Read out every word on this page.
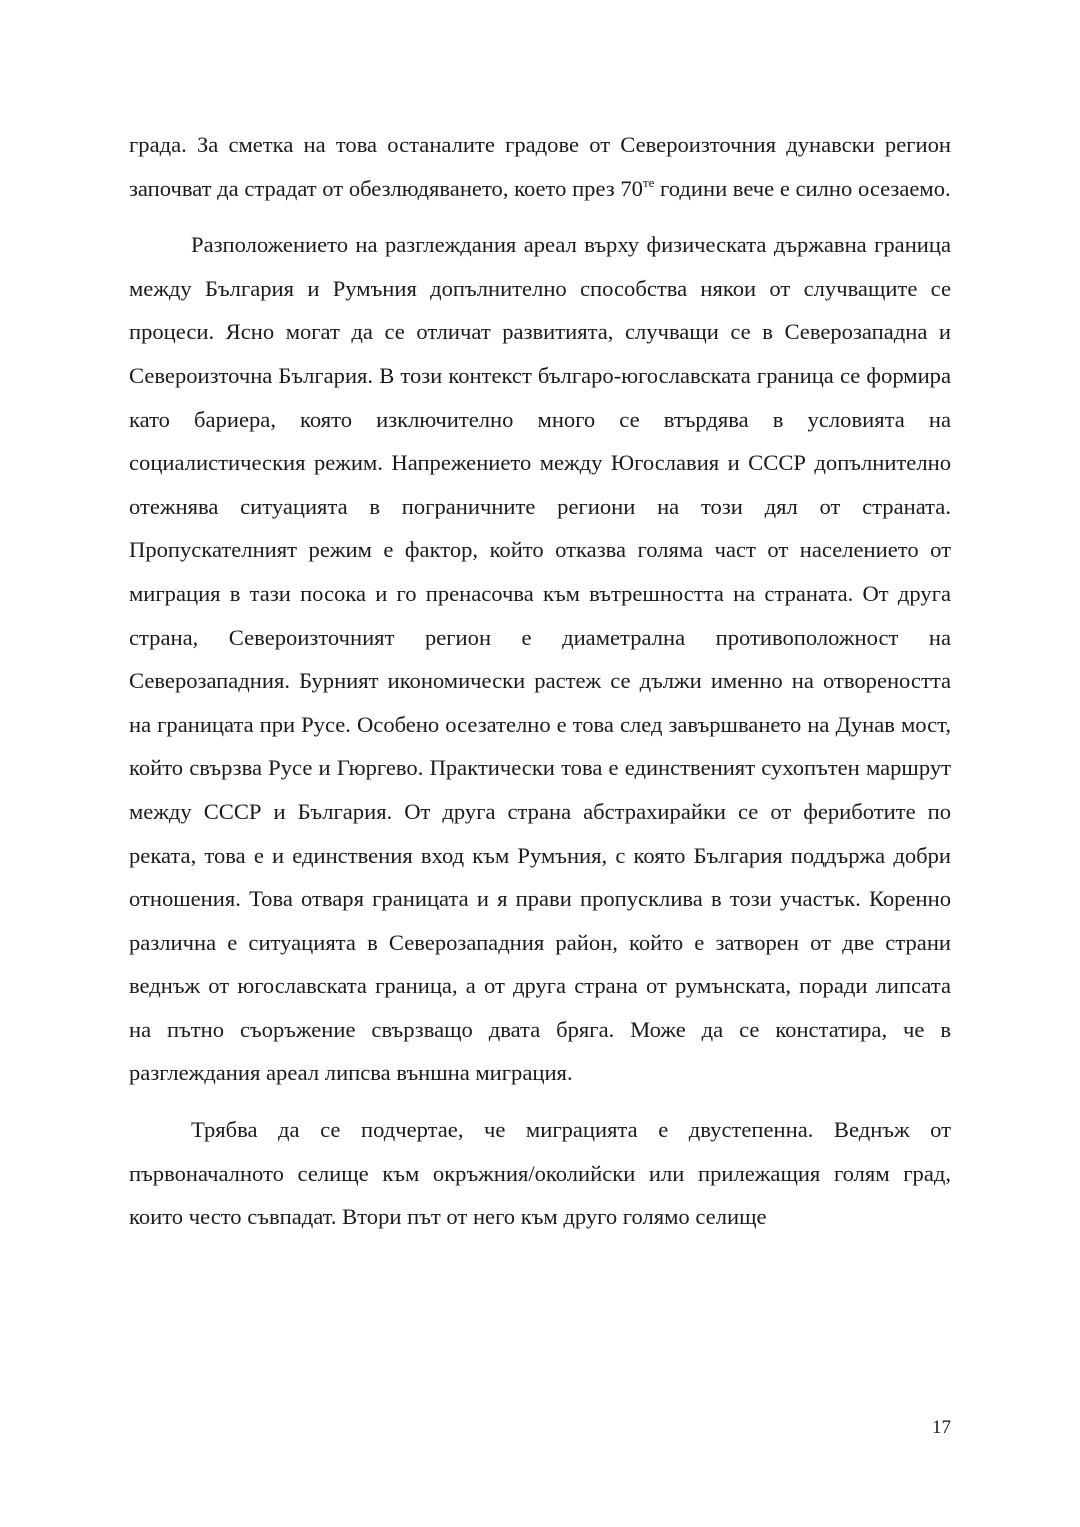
града. За сметка на това останалите градове от Североизточния дунавски регион започват да страдат от обезлюдяването, което през $70^{те}$ години вече е силно осезаемо.

Разположението на разглеждания ареал върху физическата държавна граница между България и Румъния допълнително способства някои от случващите се процеси. Ясно могат да се отличат развитията, случващи се в Северозападна и Североизточна България. В този контекст българо-югославската граница се формира като бариера, която изключително много се втърдява в условията на социалистическия режим. Напрежението между Югославия и СССР допълнително отежнява ситуацията в пограничните региони на този дял от страната. Пропускателният режим е фактор, който отказва голяма част от населението от миграция в тази посока и го пренасочва към вътрешността на страната. От друга страна, Североизточният регион е диаметрална противоположност на Северозападния. Бурният икономически растеж се дължи именно на отвореността на границата при Русе. Особено осезателно е това след завършването на Дунав мост, който свързва Русе и Гюргево. Практически това е единственият сухопътен маршрут между СССР и България. От друга страна абстрахирайки се от фериботите по реката, това е и единствения вход към Румъния, с която България поддържа добри отношения. Това отваря границата и я прави пропусклива в този участък. Коренно различна е ситуацията в Северозападния район, който е затворен от две страни веднъж от югославската граница, а от друга страна от румънската, поради липсата на пътно съоръжение свързващо двата бряга. Може да се констатира, че в разглеждания ареал липсва външна миграция.

Трябва да се подчертае, че миграцията е двустепенна. Веднъж от първоначалното селище към окръжния/околийски или прилежащия голям град, които често съвпадат. Втори път от него към друго голямо селище

17
